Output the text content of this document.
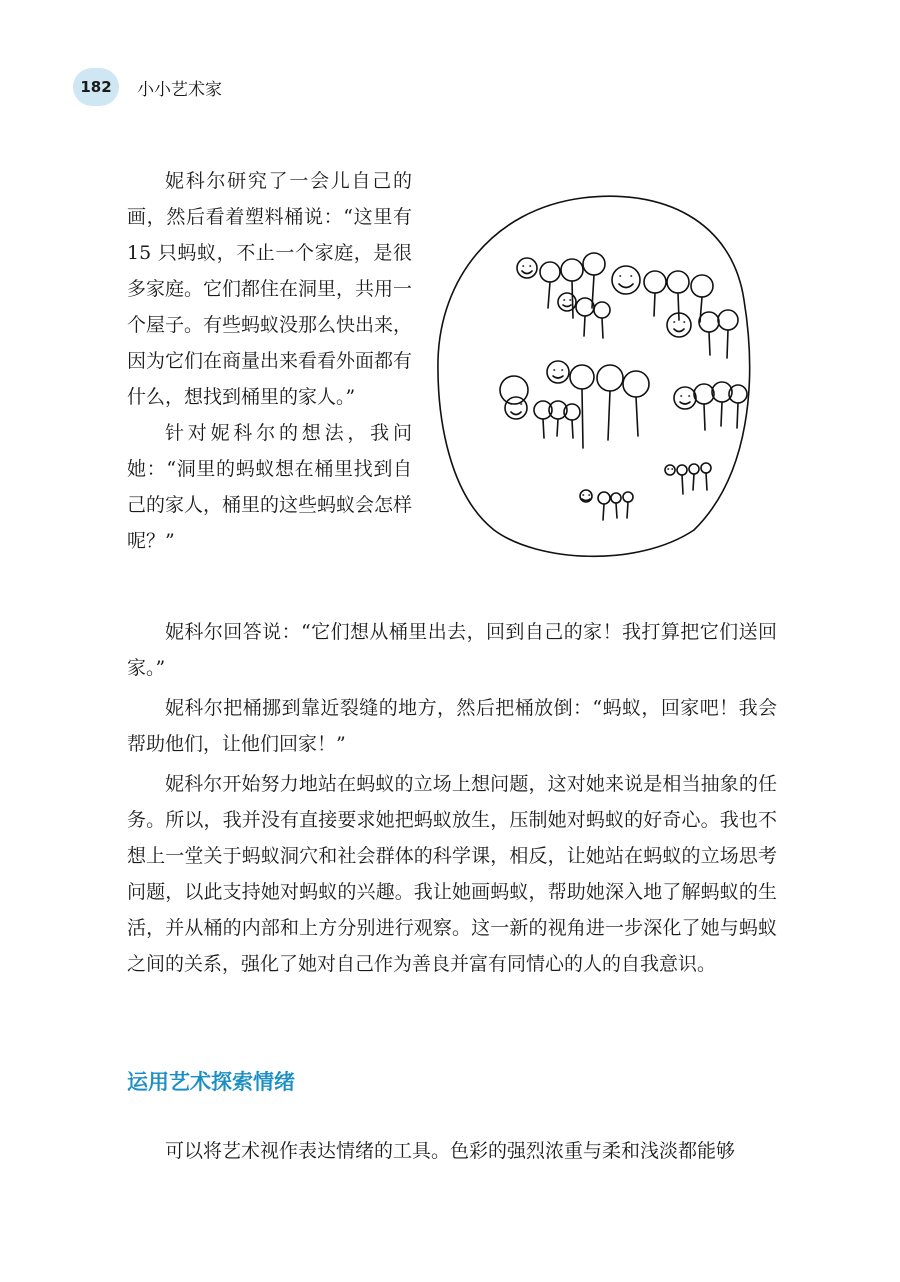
182 小小艺术家

妮科尔研究了一会儿自己的画，然后看着塑料桶说：“这里有 15 只蚂蚁，不止一个家庭，是很多家庭。它们都住在洞里，共用一个屋子。有些蚂蚁没那么快出来，因为它们在商量出来看看外面都有什么，想找到桶里的家人。”

针对妮科尔的想法，我问她：“洞里的蚂蚁想在桶里找到自己的家人，桶里的这些蚂蚁会怎样呢？”

妮科尔回答说：“它们想从桶里出去，回到自己的家！我打算把它们送回家。”

妮科尔把桶挪到靠近裂缝的地方，然后把桶放倒：“蚂蚁，回家吧！我会帮助他们，让他们回家！”

妮科尔开始努力地站在蚂蚁的立场上想问题，这对她来说是相当抽象的任务。所以，我并没有直接要求她把蚂蚁放生，压制她对蚂蚁的好奇心。我也不想上一堂关于蚂蚁洞穴和社会群体的科学课，相反，让她站在蚂蚁的立场思考问题，以此支持她对蚂蚁的兴趣。我让她画蚂蚁，帮助她深入地了解蚂蚁的生活，并从桶的内部和上方分别进行观察。这一新的视角进一步深化了她与蚂蚁之间的关系，强化了她对自己作为善良并富有同情心的人的自我意识。

运用艺术探索情绪

可以将艺术视作表达情绪的工具。色彩的强烈浓重与柔和浅淡都能够
